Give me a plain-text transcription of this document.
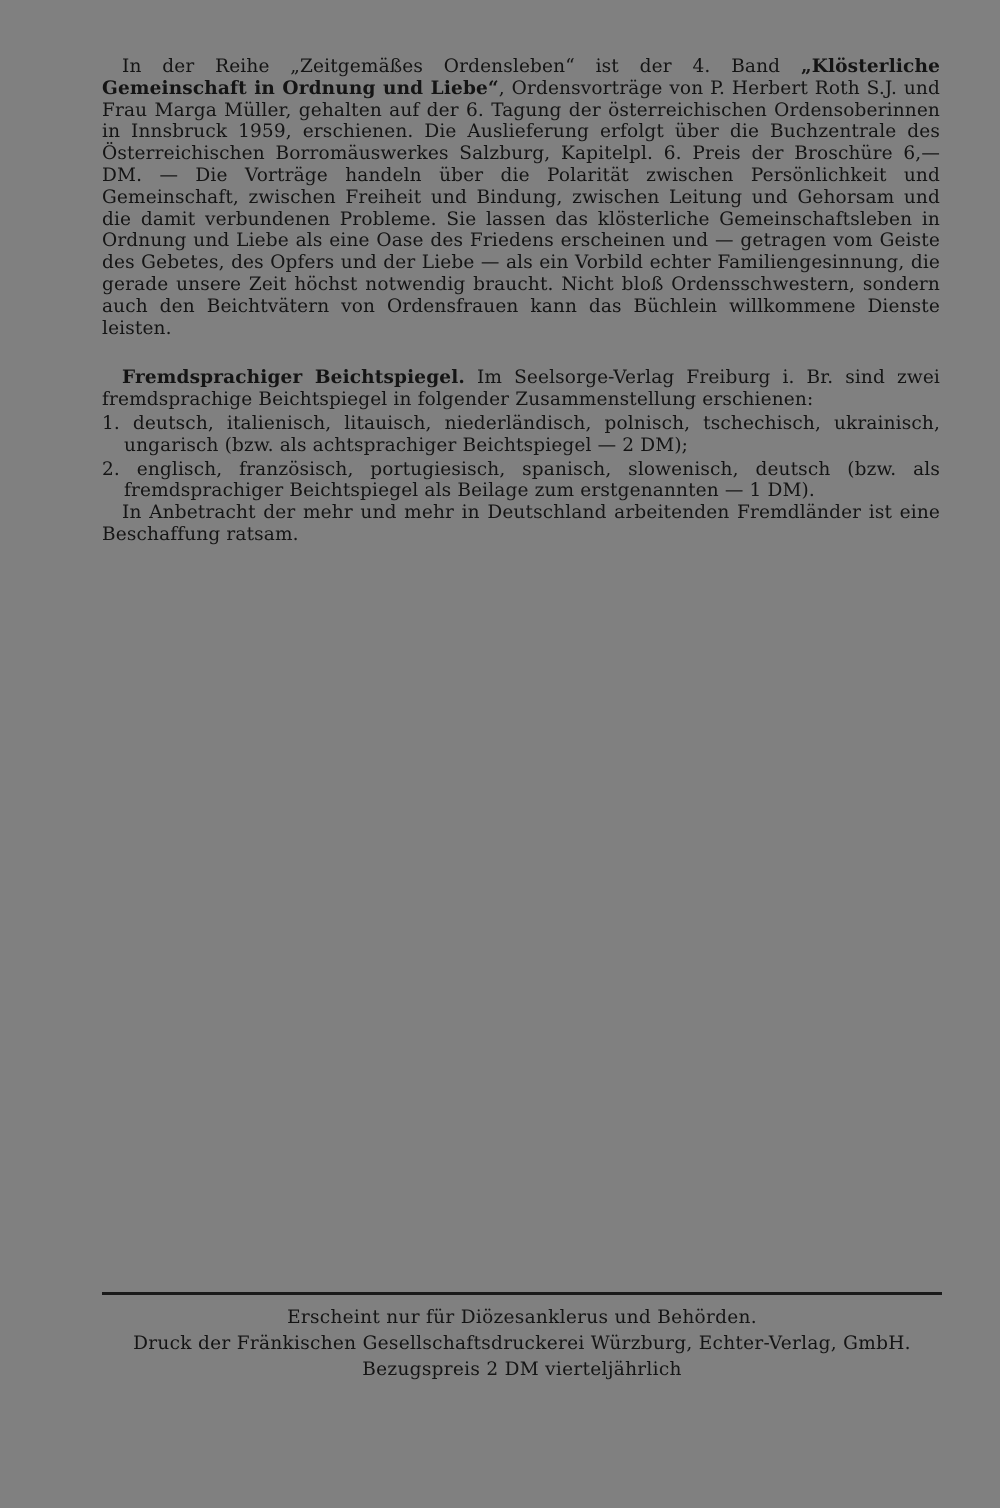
In der Reihe „Zeitgemäßes Ordensleben“ ist der 4. Band „Klösterliche Gemeinschaft in Ordnung und Liebe“, Ordensvorträge von P. Herbert Roth S.J. und Frau Marga Müller, gehalten auf der 6. Tagung der österreichischen Ordensoberinnen in Innsbruck 1959, erschienen. Die Auslieferung erfolgt über die Buchzentrale des Österreichischen Borromäuswerkes Salzburg, Kapitelpl. 6. Preis der Broschüre 6,— DM. — Die Vorträge handeln über die Polarität zwischen Persönlichkeit und Gemeinschaft, zwischen Freiheit und Bindung, zwischen Leitung und Gehorsam und die damit verbundenen Probleme. Sie lassen das klösterliche Gemeinschaftsleben in Ordnung und Liebe als eine Oase des Friedens erscheinen und — getragen vom Geiste des Gebetes, des Opfers und der Liebe — als ein Vorbild echter Familiengesinnung, die gerade unsere Zeit höchst notwendig braucht. Nicht bloß Ordensschwestern, sondern auch den Beichtvätern von Ordensfrauen kann das Büchlein willkommene Dienste leisten.

Fremdsprachiger Beichtspiegel. Im Seelsorge-Verlag Freiburg i. Br. sind zwei fremdsprachige Beichtspiegel in folgender Zusammenstellung erschienen:

1. deutsch, italienisch, litauisch, niederländisch, polnisch, tschechisch, ukrainisch, ungarisch (bzw. als achtsprachiger Beichtspiegel — 2 DM);

2. englisch, französisch, portugiesisch, spanisch, slowenisch, deutsch (bzw. als fremdsprachiger Beichtspiegel als Beilage zum erstgenannten — 1 DM).

In Anbetracht der mehr und mehr in Deutschland arbeitenden Fremdländer ist eine Beschaffung ratsam.

Erscheint nur für Diözesanklerus und Behörden.
Druck der Fränkischen Gesellschaftsdruckerei Würzburg, Echter-Verlag, GmbH.
Bezugspreis 2 DM vierteljährlich
